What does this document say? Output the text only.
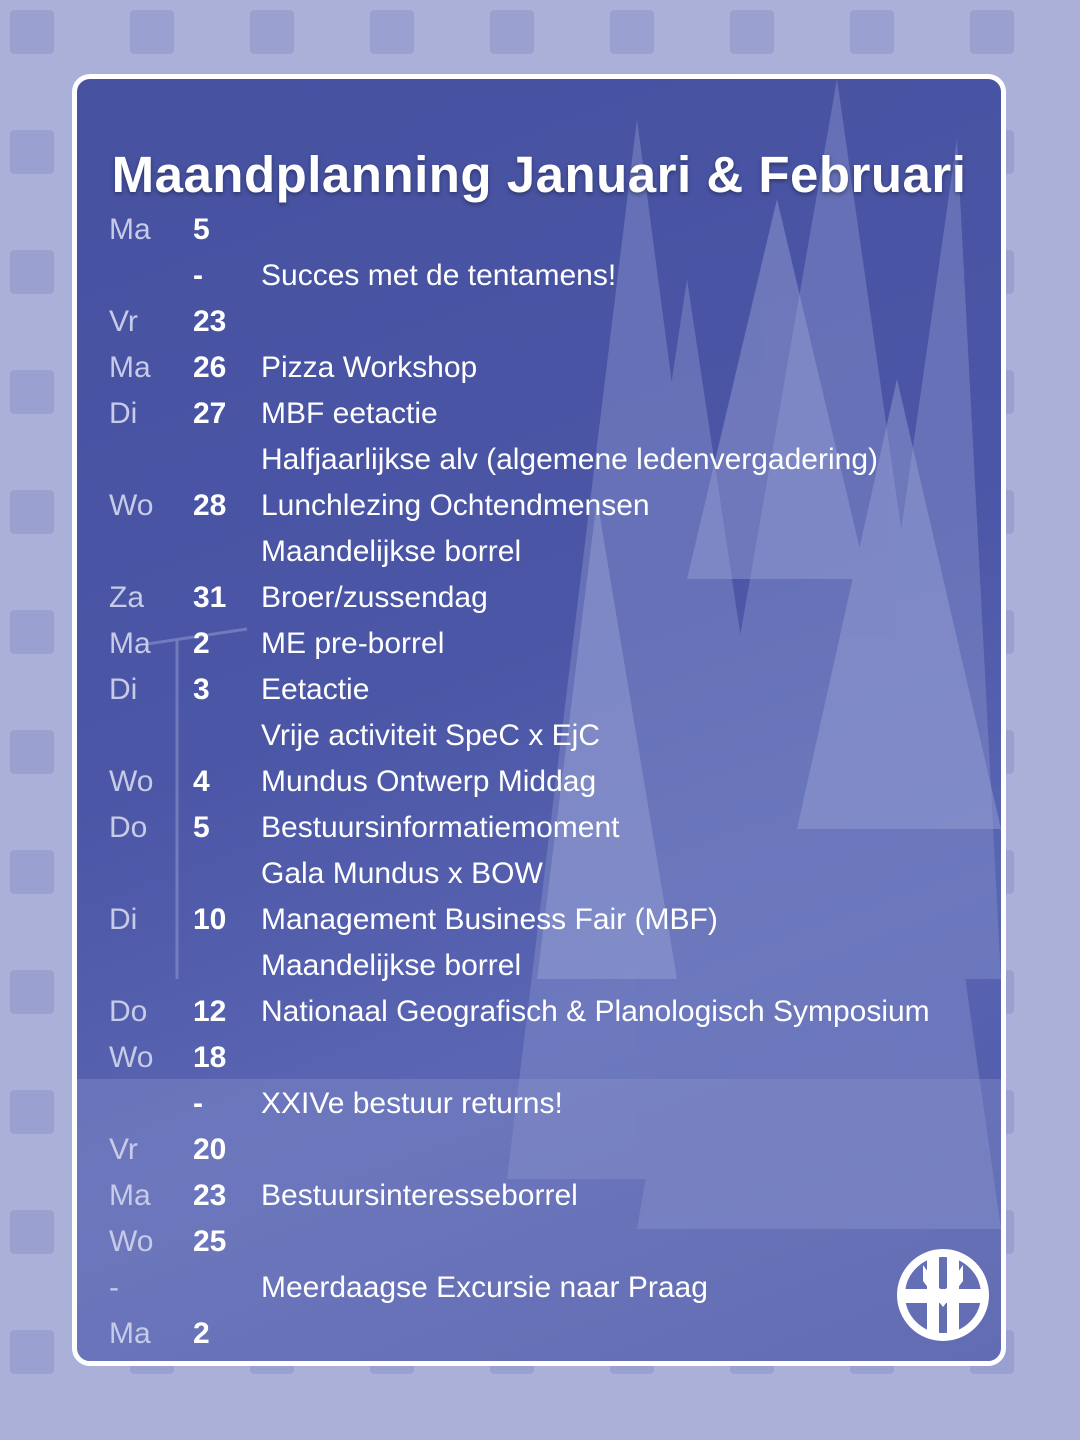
Maandplanning Januari & Februari
Ma 5
- Succes met de tentamens!
Vr 23
Ma 26 Pizza Workshop
Di 27 MBF eetactie
Halfjaarlijkse alv (algemene ledenvergadering)
Wo 28 Lunchlezing Ochtendmensen
Maandelijkse borrel
Za 31 Broer/zussendag
Ma 2 ME pre-borrel
Di 3 Eetactie
Vrije activiteit SpeC x EjC
Wo 4 Mundus Ontwerp Middag
Do 5 Bestuursinformatiemoment
Gala Mundus x BOW
Di 10 Management Business Fair (MBF)
Maandelijkse borrel
Do 12 Nationaal Geografisch & Planologisch Symposium
Wo 18
- XXIVe bestuur returns!
Vr 20
Ma 23 Bestuursinteresseborrel
Wo 25
-	Meerdaagse Excursie naar Praag
Ma 2
